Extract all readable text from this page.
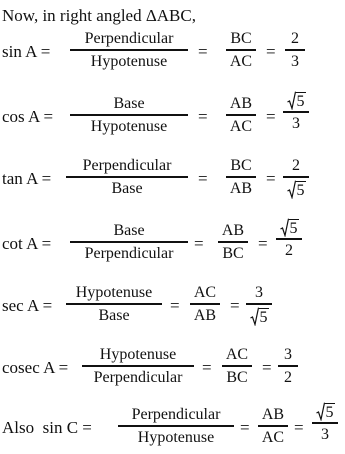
Now, in right angled ΔABC,
sin A =
Perpendicular
Hypotenuse
=
BC
AC
=
2
3
cos A =
Base
Hypotenuse
=
AB
AC
=
5
3
tan A =
Perpendicular
Base
=
BC
AB
=
2
5
cot A =
Base
Perpendicular
=
AB
BC
=
5
2
sec A =
Hypotenuse
Base
=
AC
AB
=
3
5
cosec A =
Hypotenuse
Perpendicular
=
AC
BC
=
3
2
Also  sin C =
Perpendicular
Hypotenuse
=
AB
AC
=
5
3
